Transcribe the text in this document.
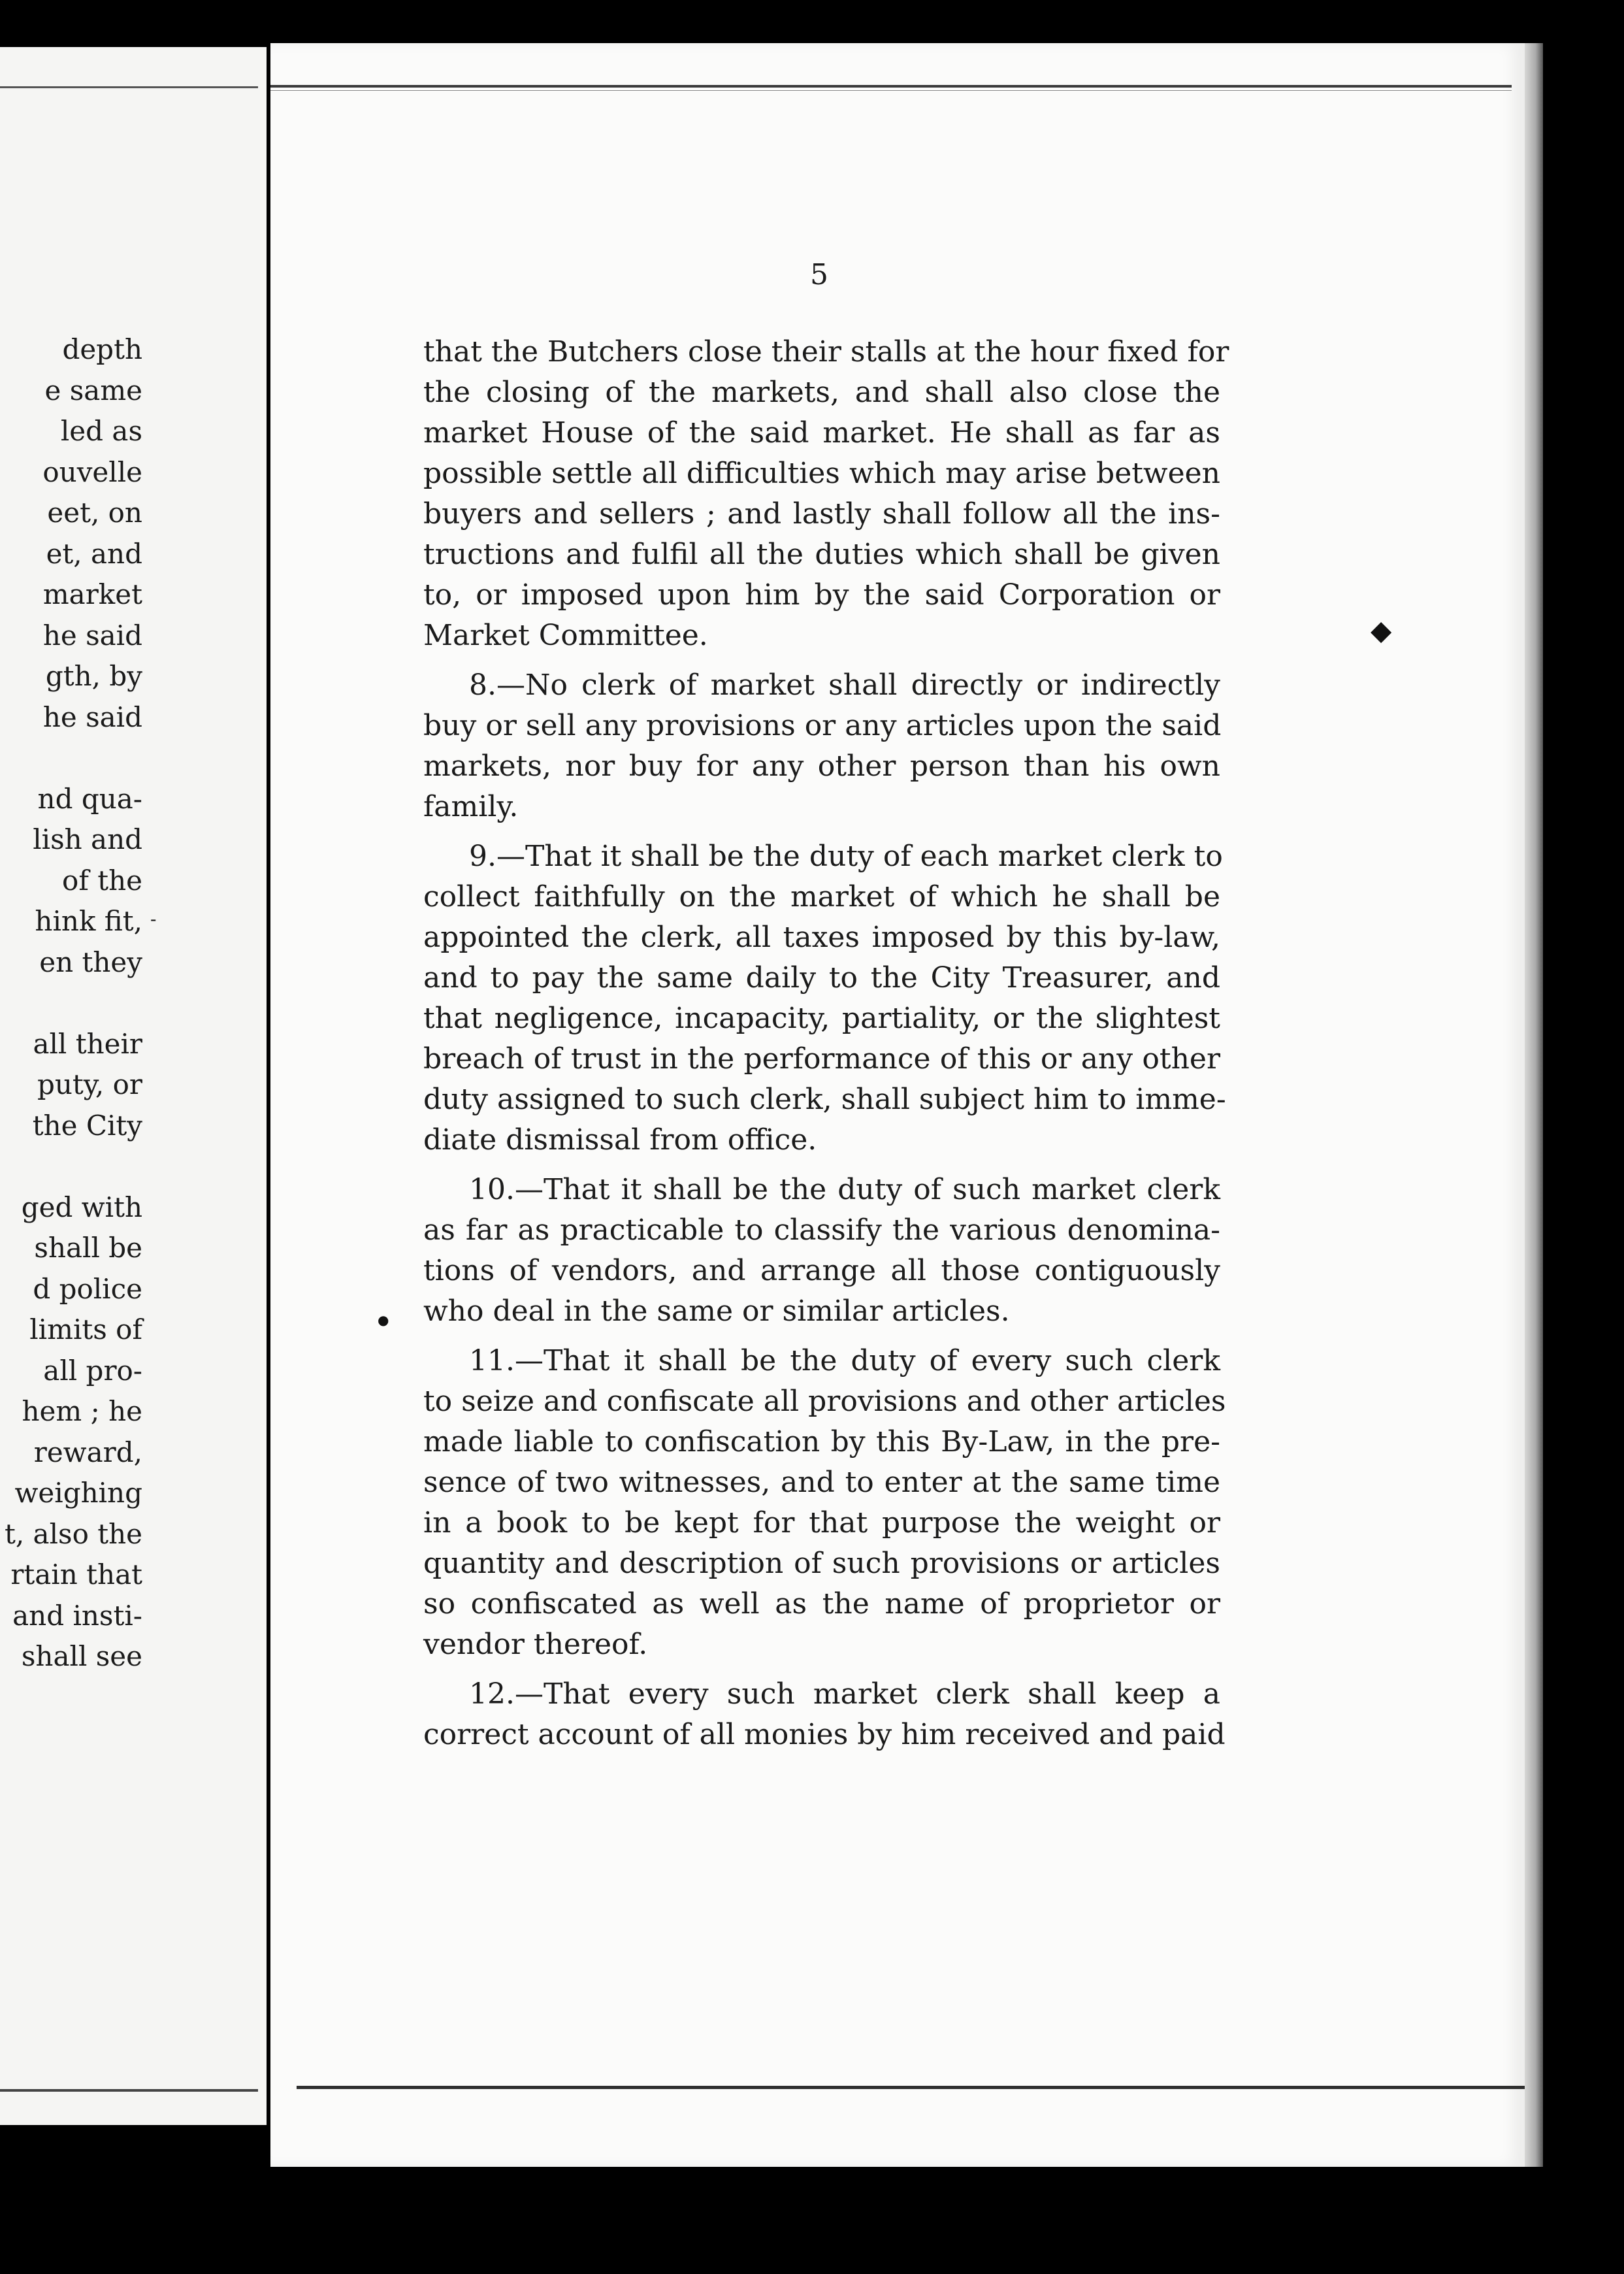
depth
e same
led as
ouvelle
eet, on
et, and
market
he said
gth, by
he said
nd qua-
lish and
of the
hink fit,
en they
all their
puty, or
the City
ged with
shall be
d police
limits of
all pro-
hem ; he
reward,
weighing
t, also the
rtain that
and insti-
shall see
5
that the Butchers close their stalls at the hour fixed for
the closing of the markets, and shall also close the
market House of the said market. He shall as far as
possible settle all difficulties which may arise between
buyers and sellers ; and lastly shall follow all the ins-
tructions and fulfil all the duties which shall be given
to, or imposed upon him by the said Corporation or
Market Committee.
8.—No clerk of market shall directly or indirectly
buy or sell any provisions or any articles upon the said
markets, nor buy for any other person than his own
family.
9.—That it shall be the duty of each market clerk to
collect faithfully on the market of which he shall be
appointed the clerk, all taxes imposed by this by-law,
and to pay the same daily to the City Treasurer, and
that negligence, incapacity, partiality, or the slightest
breach of trust in the performance of this or any other
duty assigned to such clerk, shall subject him to imme-
diate dismissal from office.
10.—That it shall be the duty of such market clerk
as far as practicable to classify the various denomina-
tions of vendors, and arrange all those contiguously
who deal in the same or similar articles.
11.—That it shall be the duty of every such clerk
to seize and confiscate all provisions and other articles
made liable to confiscation by this By-Law, in the pre-
sence of two witnesses, and to enter at the same time
in a book to be kept for that purpose the weight or
quantity and description of such provisions or articles
so confiscated as well as the name of proprietor or
vendor thereof.
12.—That every such market clerk shall keep a
correct account of all monies by him received and paid
◆
●
-
